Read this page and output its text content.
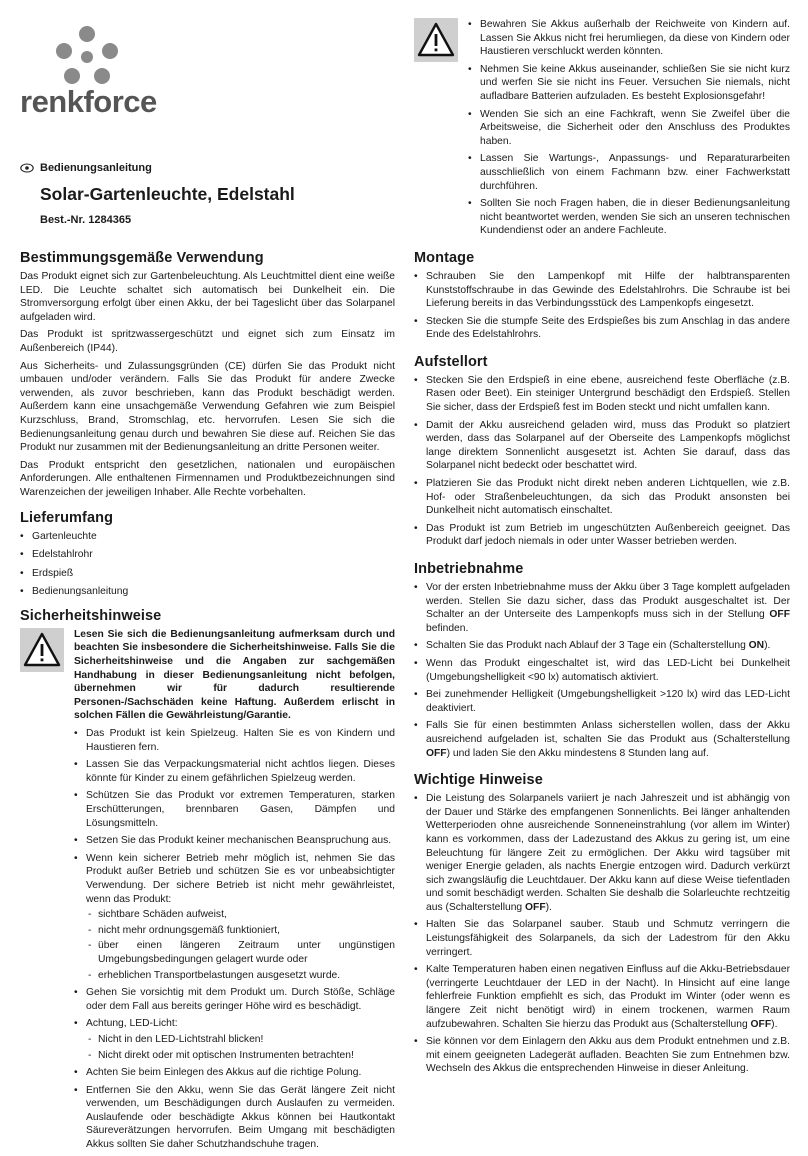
renkforce
Bedienungsanleitung
Solar-Gartenleuchte, Edelstahl
Best.-Nr. 1284365
Bestimmungsgemäße Verwendung

Das Produkt eignet sich zur Gartenbeleuchtung. Als Leuchtmittel dient eine weiße LED. Die Leuchte schaltet sich automatisch bei Dunkelheit ein. Die Stromversorgung erfolgt über einen Akku, der bei Tageslicht über das Solarpanel aufgeladen wird.

Das Produkt ist spritzwassergeschützt und eignet sich zum Einsatz im Außenbereich (IP44).

Aus Sicherheits- und Zulassungsgründen (CE) dürfen Sie das Produkt nicht umbauen und/oder verändern. Falls Sie das Produkt für andere Zwecke verwenden, als zuvor beschrieben, kann das Produkt beschädigt werden. Außerdem kann eine unsachgemäße Verwendung Gefahren wie zum Beispiel Kurzschluss, Brand, Stromschlag, etc. hervorrufen. Lesen Sie sich die Bedienungsanleitung genau durch und bewahren Sie diese auf. Reichen Sie das Produkt nur zusammen mit der Bedienungsanleitung an dritte Personen weiter.

Das Produkt entspricht den gesetzlichen, nationalen und europäischen Anforderungen. Alle enthaltenen Firmennamen und Produktbezeichnungen sind Warenzeichen der jeweiligen Inhaber. Alle Rechte vorbehalten.

Lieferumfang
• Gartenleuchte
• Edelstahlrohr
• Erdspieß
• Bedienungsanleitung
Sicherheitshinweise

Lesen Sie sich die Bedienungsanleitung aufmerksam durch und beachten Sie insbesondere die Sicherheitshinweise. Falls Sie die Sicherheitshinweise und die Angaben zur sachgemäßen Handhabung in dieser Bedienungsanleitung nicht befolgen, übernehmen wir für dadurch resultierende Personen-/Sachschäden keine Haftung. Außerdem erlischt in solchen Fällen die Gewährleistung/Garantie.

• Das Produkt ist kein Spielzeug. Halten Sie es von Kindern und Haustieren fern.
• Lassen Sie das Verpackungsmaterial nicht achtlos liegen. Dieses könnte für Kinder zu einem gefährlichen Spielzeug werden.
• Schützen Sie das Produkt vor extremen Temperaturen, starken Erschütterungen, brennbaren Gasen, Dämpfen und Lösungsmitteln.
• Setzen Sie das Produkt keiner mechanischen Beanspruchung aus.
• Wenn kein sicherer Betrieb mehr möglich ist, nehmen Sie das Produkt außer Betrieb und schützen Sie es vor unbeabsichtigter Verwendung. Der sichere Betrieb ist nicht mehr gewährleistet, wenn das Produkt:
- sichtbare Schäden aufweist,
- nicht mehr ordnungsgemäß funktioniert,
- über einen längeren Zeitraum unter ungünstigen Umgebungsbedingungen gelagert wurde oder
- erheblichen Transportbelastungen ausgesetzt wurde.
• Gehen Sie vorsichtig mit dem Produkt um. Durch Stöße, Schläge oder dem Fall aus bereits geringer Höhe wird es beschädigt.
• Achtung, LED-Licht:
- Nicht in den LED-Lichtstrahl blicken!
- Nicht direkt oder mit optischen Instrumenten betrachten!
• Achten Sie beim Einlegen des Akkus auf die richtige Polung.
• Entfernen Sie den Akku, wenn Sie das Gerät längere Zeit nicht verwenden, um Beschädigungen durch Auslaufen zu vermeiden. Auslaufende oder beschädigte Akkus können bei Hautkontakt Säureverätzungen hervorrufen. Beim Umgang mit beschädigten Akkus sollten Sie daher Schutzhandschuhe tragen.
• Bewahren Sie Akkus außerhalb der Reichweite von Kindern auf. Lassen Sie Akkus nicht frei herumliegen, da diese von Kindern oder Haustieren verschluckt werden könnten.
• Nehmen Sie keine Akkus auseinander, schließen Sie sie nicht kurz und werfen Sie sie nicht ins Feuer. Versuchen Sie niemals, nicht aufladbare Batterien aufzuladen. Es besteht Explosionsgefahr!
• Wenden Sie sich an eine Fachkraft, wenn Sie Zweifel über die Arbeitsweise, die Sicherheit oder den Anschluss des Produktes haben.
• Lassen Sie Wartungs-, Anpassungs- und Reparaturarbeiten ausschließlich von einem Fachmann bzw. einer Fachwerkstatt durchführen.
• Sollten Sie noch Fragen haben, die in dieser Bedienungsanleitung nicht beantwortet werden, wenden Sie sich an unseren technischen Kundendienst oder an andere Fachleute.
Montage
• Schrauben Sie den Lampenkopf mit Hilfe der halbtransparenten Kunststoffschraube in das Gewinde des Edelstahlrohrs. Die Schraube ist bei Lieferung bereits in das Verbindungsstück des Lampenkopfs eingesetzt.
• Stecken Sie die stumpfe Seite des Erdspießes bis zum Anschlag in das andere Ende des Edelstahlrohrs.
Aufstellort
• Stecken Sie den Erdspieß in eine ebene, ausreichend feste Oberfläche (z.B. Rasen oder Beet). Ein steiniger Untergrund beschädigt den Erdspieß. Stellen Sie sicher, dass der Erdspieß fest im Boden steckt und nicht umfallen kann.
• Damit der Akku ausreichend geladen wird, muss das Produkt so platziert werden, dass das Solarpanel auf der Oberseite des Lampenkopfs möglichst lange direktem Sonnenlicht ausgesetzt ist. Achten Sie darauf, dass das Solarpanel nicht bedeckt oder beschattet wird.
• Platzieren Sie das Produkt nicht direkt neben anderen Lichtquellen, wie z.B. Hof- oder Straßenbeleuchtungen, da sich das Produkt ansonsten bei Dunkelheit nicht automatisch einschaltet.
• Das Produkt ist zum Betrieb im ungeschützten Außenbereich geeignet. Das Produkt darf jedoch niemals in oder unter Wasser betrieben werden.
Inbetriebnahme
• Vor der ersten Inbetriebnahme muss der Akku über 3 Tage komplett aufgeladen werden. Stellen Sie dazu sicher, dass das Produkt ausgeschaltet ist. Der Schalter an der Unterseite des Lampenkopfs muss sich in der Stellung OFF befinden.
• Schalten Sie das Produkt nach Ablauf der 3 Tage ein (Schalterstellung ON).
• Wenn das Produkt eingeschaltet ist, wird das LED-Licht bei Dunkelheit (Umgebungshelligkeit <90 lx) automatisch aktiviert.
• Bei zunehmender Helligkeit (Umgebungshelligkeit >120 lx) wird das LED-Licht deaktiviert.
• Falls Sie für einen bestimmten Anlass sicherstellen wollen, dass der Akku ausreichend aufgeladen ist, schalten Sie das Produkt aus (Schalterstellung OFF) und laden Sie den Akku mindestens 8 Stunden lang auf.
Wichtige Hinweise
• Die Leistung des Solarpanels variiert je nach Jahreszeit und ist abhängig von der Dauer und Stärke des empfangenen Sonnenlichts. Bei länger anhaltenden Wetterperioden ohne ausreichende Sonneneinstrahlung (vor allem im Winter) kann es vorkommen, dass der Ladezustand des Akkus zu gering ist, um eine Beleuchtung für längere Zeit zu ermöglichen. Der Akku wird tagsüber mit weniger Energie geladen, als nachts Energie entzogen wird. Dadurch verkürzt sich zwangsläufig die Leuchtdauer. Der Akku kann auf diese Weise tiefentladen und somit beschädigt werden. Schalten Sie deshalb die Solarleuchte rechtzeitig aus (Schalterstellung OFF).
• Halten Sie das Solarpanel sauber. Staub und Schmutz verringern die Leistungsfähigkeit des Solarpanels, da sich der Ladestrom für den Akku verringert.
• Kalte Temperaturen haben einen negativen Einfluss auf die Akku-Betriebsdauer (verringerte Leuchtdauer der LED in der Nacht). In Hinsicht auf eine lange fehlerfreie Funktion empfiehlt es sich, das Produkt im Winter (oder wenn es längere Zeit nicht benötigt wird) in einem trockenen, warmen Raum aufzubewahren. Schalten Sie hierzu das Produkt aus (Schalterstellung OFF).
• Sie können vor dem Einlagern den Akku aus dem Produkt entnehmen und z.B. mit einem geeigneten Ladegerät aufladen. Beachten Sie zum Entnehmen bzw. Wechseln des Akkus die entsprechenden Hinweise in dieser Anleitung.
